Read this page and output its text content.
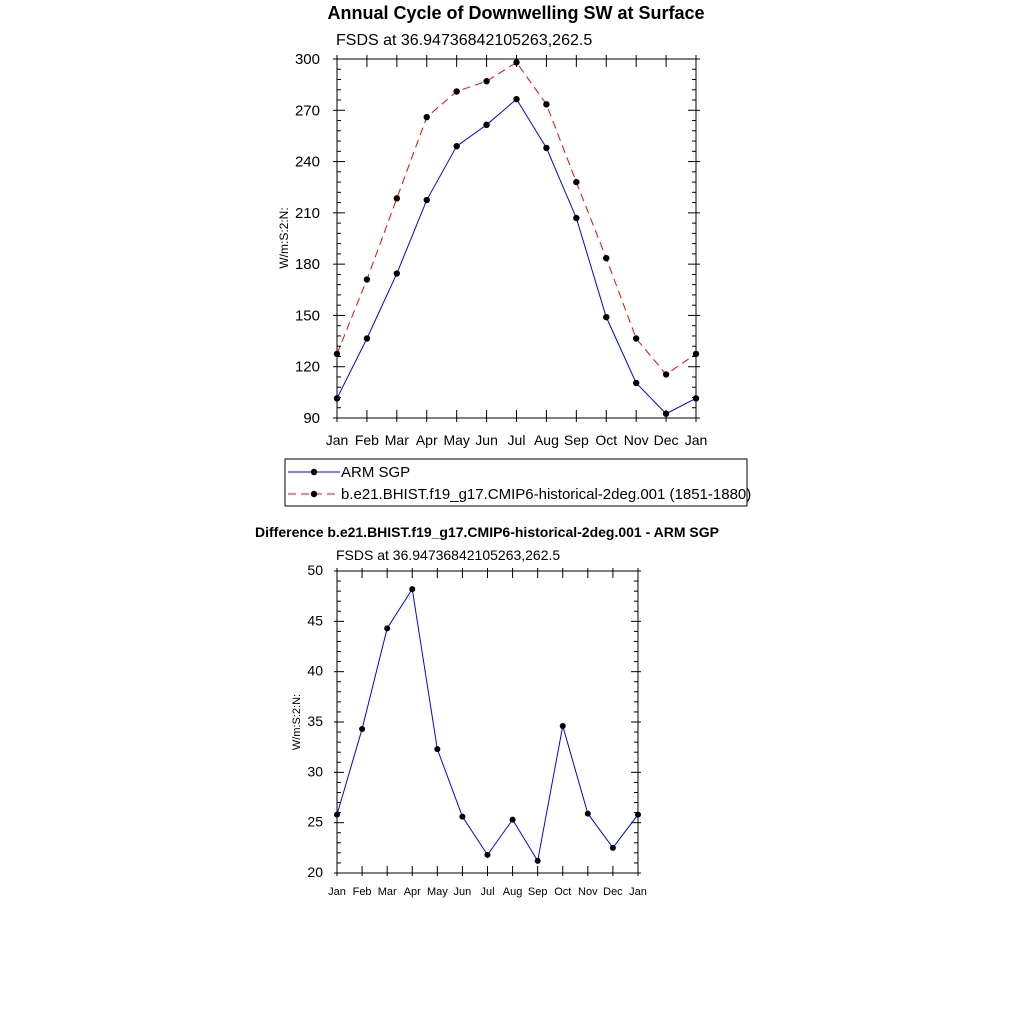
Annual Cycle of Downwelling SW at Surface
FSDS at 36.94736842105263,262.5
Jan Feb Mar Apr May Jun Jul Aug Sep Oct Nov Dec Jan
90
120
150
180
210
240
270
300
W/m:S:2:N:
ARM SGP
b.e21.BHIST.f19_g17.CMIP6-historical-2deg.001 (1851-1880)
Difference b.e21.BHIST.f19_g17.CMIP6-historical-2deg.001 - ARM SGP
FSDS at 36.94736842105263,262.5
Jan Feb Mar Apr May Jun Jul Aug Sep Oct Nov Dec Jan
20
25
30
35
40
45
50
W/m:S:2:N:
